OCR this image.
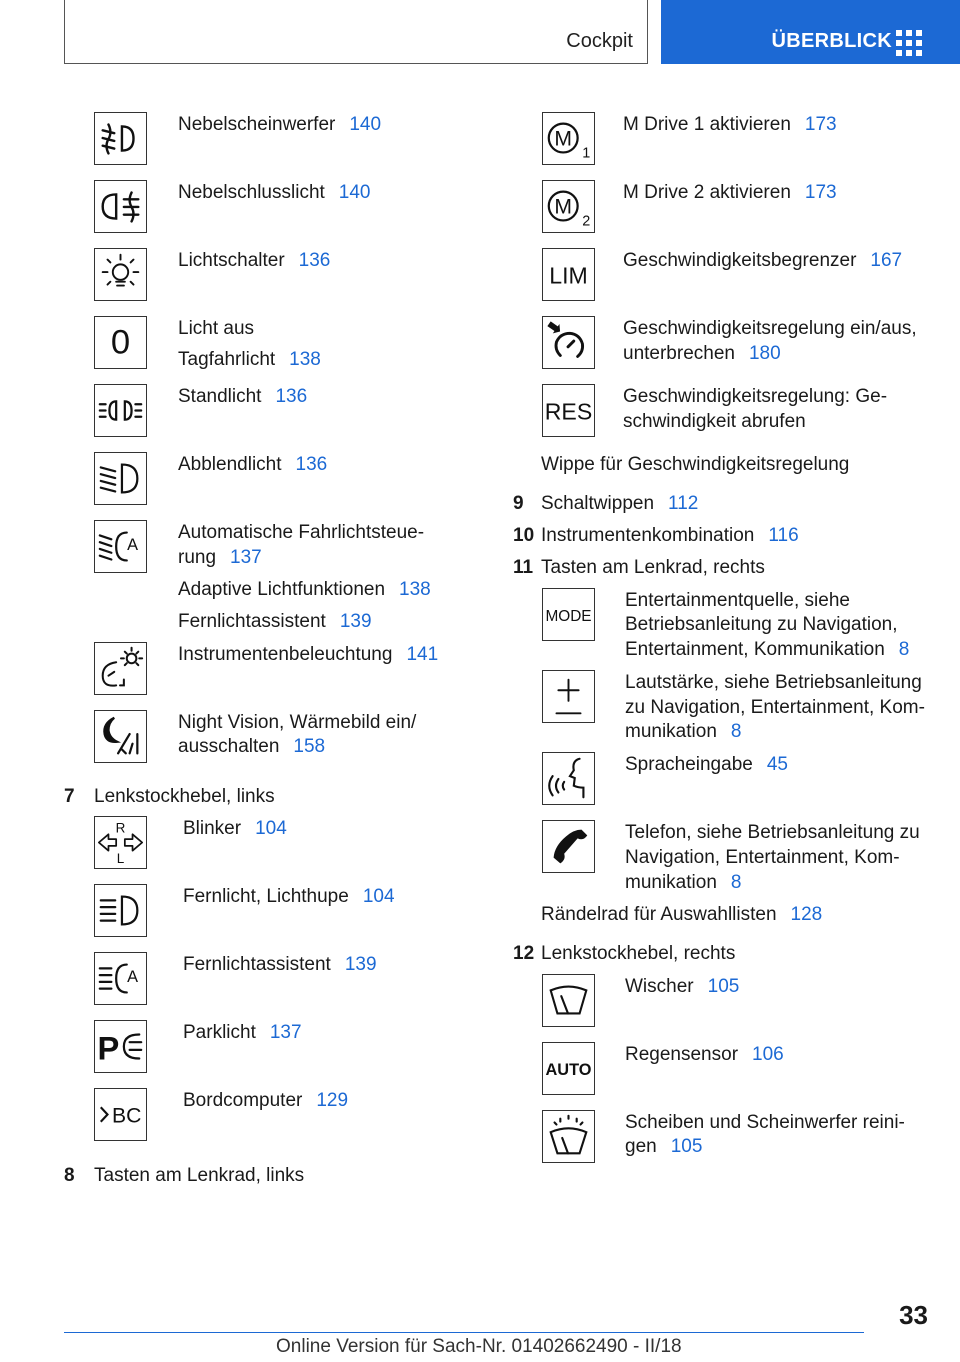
Cockpit	ÜBERBLICK
Nebelscheinwerfer 140
Nebelschlusslicht 140
Lichtschalter 136
0	Licht aus
Tagfahrlicht 138
Standlicht 136
Abblendlicht 136
A
Automatische Fahrlichtsteue-
rung 137
Adaptive Lichtfunktionen 138
Fernlichtassistent 139
Instrumentenbeleuchtung 141
Night Vision, Wärmebild ein/
ausschalten 158
7 Lenkstockhebel, links
R
L
Blinker 104
Fernlicht, Lichthupe 104
A
Fernlichtassistent 139
P	Parklicht 137
BC
Bordcomputer 129
8 Tasten am Lenkrad, links
M
1
M Drive 1 aktivieren 173
M
2
M Drive 2 aktivieren 173
LIM
Geschwindigkeitsbegrenzer 167
Geschwindigkeitsregelung ein/aus,
unterbrechen 180
RES
Geschwindigkeitsregelung: Ge-
schwindigkeit abrufen
Wippe für Geschwindigkeitsregelung
9 Schaltwippen 112
10 Instrumentenkombination 116
11 Tasten am Lenkrad, rechts
MODE
Entertainmentquelle, siehe
Betriebsanleitung zu Navigation,
Entertainment, Kommunikation 8
Lautstärke, siehe Betriebsanleitung
zu Navigation, Entertainment, Kom-
munikation 8
Spracheingabe 45
Telefon, siehe Betriebsanleitung zu
Navigation, Entertainment, Kom-
munikation 8
Rändelrad für Auswahllisten 128
12 Lenkstockhebel, rechts
Wischer 105
AUTO
Regensensor 106
Scheiben und Scheinwerfer reini-
gen 105
33
Online Version für Sach-Nr. 01402662490 - II/18
